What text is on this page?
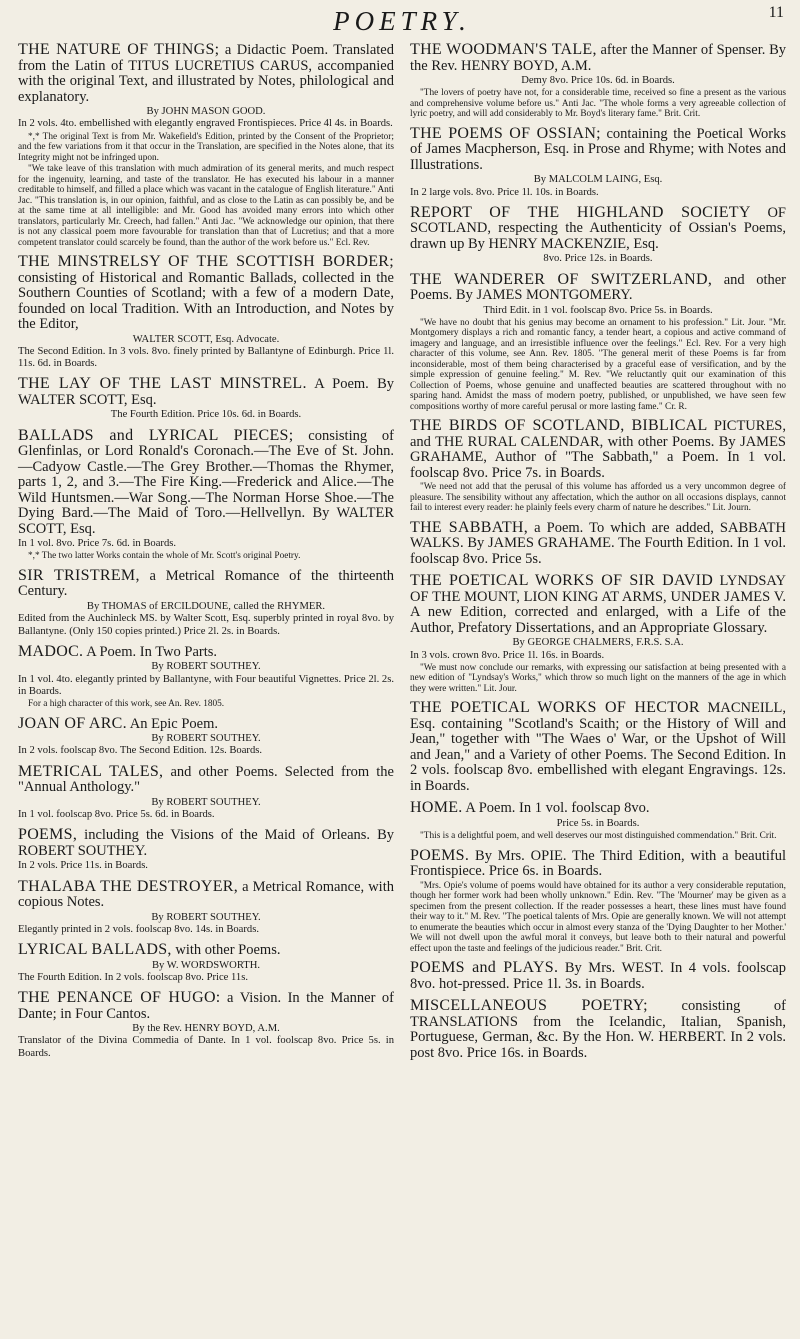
11
POETRY.

THE NATURE OF THINGS; a Didactic Poem. Translated from the Latin of TITUS LUCRETIUS CARUS, accompanied with the original Text, and illustrated by Notes, philological and explanatory.

By JOHN MASON GOOD.

In 2 vols. 4to. embellished with elegantly engraved Frontispieces. Price 4l 4s. in Boards.

*,* The original Text is from Mr. Wakefield's Edition, printed by the Consent of the Proprietor; and the few variations from it that occur in the Translation, are specified in the Notes alone, that its Integrity might not be infringed upon.

"We take leave of this translation with much admiration of its general merits, and much respect for the ingenuity, learning, and taste of the translator. He has executed his labour in a manner creditable to himself, and filled a place which was vacant in the catalogue of English literature." Anti Jac. "This translation is, in our opinion, faithful, and as close to the Latin as can possibly be, and be at the same time at all intelligible: and Mr. Good has avoided many errors into which other translators, particularly Mr. Creech, had fallen." Anti Jac. "We acknowledge our opinion, that there is not any classical poem more favourable for translation than that of Lucretius; and that a more competent translator could scarcely be found, than the author of the work before us." Ecl. Rev.

THE MINSTRELSY OF THE SCOTTISH BORDER; consisting of Historical and Romantic Ballads, collected in the Southern Counties of Scotland; with a few of a modern Date, founded on local Tradition. With an Introduction, and Notes by the Editor,

WALTER SCOTT, Esq. Advocate.

The Second Edition. In 3 vols. 8vo. finely printed by Ballantyne of Edinburgh. Price 1l. 11s. 6d. in Boards.

THE LAY OF THE LAST MINSTREL. A Poem. By WALTER SCOTT, Esq.

The Fourth Edition. Price 10s. 6d. in Boards.

BALLADS and LYRICAL PIECES; consisting of Glenfinlas, or Lord Ronald's Coronach.—The Eve of St. John.—Cadyow Castle.—The Grey Brother.—Thomas the Rhymer, parts 1, 2, and 3.—The Fire King.—Frederick and Alice.—The Wild Huntsmen.—War Song.—The Norman Horse Shoe.—The Dying Bard.—The Maid of Toro.—Hellvellyn. By WALTER SCOTT, Esq.

In 1 vol. 8vo. Price 7s. 6d. in Boards.

*,* The two latter Works contain the whole of Mr. Scott's original Poetry.

SIR TRISTREM, a Metrical Romance of the thirteenth Century.

By THOMAS of ERCILDOUNE, called the RHYMER.

Edited from the Auchinleck MS. by Walter Scott, Esq. superbly printed in royal 8vo. by Ballantyne. (Only 150 copies printed.) Price 2l. 2s. in Boards.

MADOC. A Poem. In Two Parts.

By ROBERT SOUTHEY.

In 1 vol. 4to. elegantly printed by Ballantyne, with Four beautiful Vignettes. Price 2l. 2s. in Boards.

For a high character of this work, see An. Rev. 1805.

JOAN OF ARC. An Epic Poem.

By ROBERT SOUTHEY.

In 2 vols. foolscap 8vo. The Second Edition. 12s. Boards.

METRICAL TALES, and other Poems. Selected from the "Annual Anthology."

By ROBERT SOUTHEY.

In 1 vol. foolscap 8vo. Price 5s. 6d. in Boards.

POEMS, including the Visions of the Maid of Orleans. By ROBERT SOUTHEY.

In 2 vols. Price 11s. in Boards.

THALABA THE DESTROYER, a Metrical Romance, with copious Notes.

By ROBERT SOUTHEY.

Elegantly printed in 2 vols. foolscap 8vo. 14s. in Boards.

LYRICAL BALLADS, with other Poems.

By W. WORDSWORTH.

The Fourth Edition. In 2 vols. foolscap 8vo. Price 11s.

THE PENANCE OF HUGO: a Vision. In the Manner of Dante; in Four Cantos.

By the Rev. HENRY BOYD, A.M.

Translator of the Divina Commedia of Dante. In 1 vol. foolscap 8vo. Price 5s. in Boards.

THE WOODMAN'S TALE, after the Manner of Spenser. By the Rev. HENRY BOYD, A.M.

Demy 8vo. Price 10s. 6d. in Boards.

"The lovers of poetry have not, for a considerable time, received so fine a present as the various and comprehensive volume before us." Anti Jac. "The whole forms a very agreeable collection of lyric poetry, and will add considerably to Mr. Boyd's literary fame." Brit. Crit.

THE POEMS OF OSSIAN; containing the Poetical Works of James Macpherson, Esq. in Prose and Rhyme; with Notes and Illustrations.

By MALCOLM LAING, Esq.

In 2 large vols. 8vo. Price 1l. 10s. in Boards.

REPORT OF THE HIGHLAND SOCIETY OF SCOTLAND, respecting the Authenticity of Ossian's Poems, drawn up By HENRY MACKENZIE, Esq.

8vo. Price 12s. in Boards.

THE WANDERER OF SWITZERLAND, and other Poems. By JAMES MONTGOMERY.

Third Edit. in 1 vol. foolscap 8vo. Price 5s. in Boards.

"We have no doubt that his genius may become an ornament to his profession." Lit. Jour. "Mr. Montgomery displays a rich and romantic fancy, a tender heart, a copious and active command of imagery and language, and an irresistible influence over the feelings." Ecl. Rev. For a very high character of this volume, see Ann. Rev. 1805. "The general merit of these Poems is far from inconsiderable, most of them being characterised by a graceful ease of versification, and by the simple expression of genuine feeling." M. Rev. "We reluctantly quit our examination of this Collection of Poems, whose genuine and unaffected beauties are scattered throughout with no sparing hand. Amidst the mass of modern poetry, published, or unpublished, we have seen few compositions worthy of more careful perusal or more lasting fame." Cr. R.

THE BIRDS OF SCOTLAND, BIBLICAL PICTURES, and THE RURAL CALENDAR, with other Poems. By JAMES GRAHAME, Author of "The Sabbath," a Poem. In 1 vol. foolscap 8vo. Price 7s. in Boards.

"We need not add that the perusal of this volume has afforded us a very uncommon degree of pleasure. The sensibility without any affectation, which the author on all occasions displays, cannot fail to interest every reader: he plainly feels every charm of nature he describes." Lit. Journ.

THE SABBATH, a Poem. To which are added, SABBATH WALKS. By JAMES GRAHAME. The Fourth Edition. In 1 vol. foolscap 8vo. Price 5s.

THE POETICAL WORKS OF SIR DAVID LYNDSAY OF THE MOUNT, LION KING AT ARMS, UNDER JAMES V. A new Edition, corrected and enlarged, with a Life of the Author, Prefatory Dissertations, and an Appropriate Glossary.

By GEORGE CHALMERS, F.R.S. S.A.

In 3 vols. crown 8vo. Price 1l. 16s. in Boards.

"We must now conclude our remarks, with expressing our satisfaction at being presented with a new edition of "Lyndsay's Works," which throw so much light on the manners of the age in which they were written." Lit. Jour.

THE POETICAL WORKS OF HECTOR MACNEILL, Esq. containing "Scotland's Scaith; or the History of Will and Jean," together with "The Waes o' War, or the Upshot of Will and Jean," and a Variety of other Poems. The Second Edition. In 2 vols. foolscap 8vo. embellished with elegant Engravings. 12s. in Boards.

HOME. A Poem. In 1 vol. foolscap 8vo.

Price 5s. in Boards.

"This is a delightful poem, and well deserves our most distinguished commendation." Brit. Crit.

POEMS. By Mrs. OPIE. The Third Edition, with a beautiful Frontispiece. Price 6s. in Boards.

"Mrs. Opie's volume of poems would have obtained for its author a very considerable reputation, though her former work had been wholly unknown." Edin. Rev. "The 'Mourner' may be given as a specimen from the present collection. If the reader possesses a heart, these lines must have found their way to it." M. Rev. "The poetical talents of Mrs. Opie are generally known. We will not attempt to enumerate the beauties which occur in almost every stanza of the 'Dying Daughter to her Mother.' We will not dwell upon the awful moral it conveys, but leave both to their natural and powerful effect upon the taste and feelings of the judicious reader." Brit. Crit.

POEMS and PLAYS. By Mrs. WEST. In 4 vols. foolscap 8vo. hot-pressed. Price 1l. 3s. in Boards.

MISCELLANEOUS POETRY; consisting of TRANSLATIONS from the Icelandic, Italian, Spanish, Portuguese, German, &c. By the Hon. W. HERBERT. In 2 vols. post 8vo. Price 16s. in Boards.
